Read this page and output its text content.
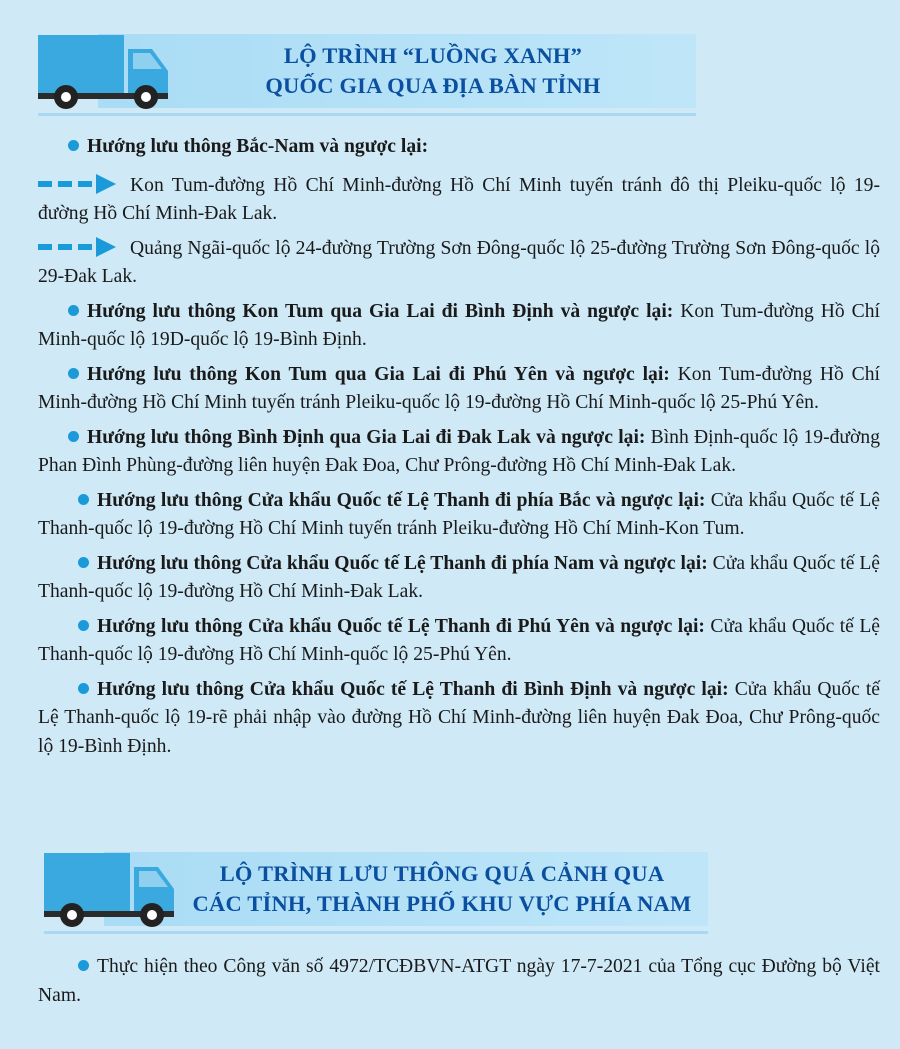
LỘ TRÌNH “LUỒNG XANH”
QUỐC GIA QUA ĐỊA BÀN TỈNH

Hướng lưu thông Bắc-Nam và ngược lại:

Kon Tum-đường Hồ Chí Minh-đường Hồ Chí Minh tuyến tránh đô thị Pleiku-quốc lộ 19-đường Hồ Chí Minh-Đak Lak.

Quảng Ngãi-quốc lộ 24-đường Trường Sơn Đông-quốc lộ 25-đường Trường Sơn Đông-quốc lộ 29-Đak Lak.

Hướng lưu thông Kon Tum qua Gia Lai đi Bình Định và ngược lại: Kon Tum-đường Hồ Chí Minh-quốc lộ 19D-quốc lộ 19-Bình Định.

Hướng lưu thông Kon Tum qua Gia Lai đi Phú Yên và ngược lại: Kon Tum-đường Hồ Chí Minh-đường Hồ Chí Minh tuyến tránh Pleiku-quốc lộ 19-đường Hồ Chí Minh-quốc lộ 25-Phú Yên.

Hướng lưu thông Bình Định qua Gia Lai đi Đak Lak và ngược lại: Bình Định-quốc lộ 19-đường Phan Đình Phùng-đường liên huyện Đak Đoa, Chư Prông-đường Hồ Chí Minh-Đak Lak.

Hướng lưu thông Cửa khẩu Quốc tế Lệ Thanh đi phía Bắc và ngược lại: Cửa khẩu Quốc tế Lệ Thanh-quốc lộ 19-đường Hồ Chí Minh tuyến tránh Pleiku-đường Hồ Chí Minh-Kon Tum.

Hướng lưu thông Cửa khẩu Quốc tế Lệ Thanh đi phía Nam và ngược lại: Cửa khẩu Quốc tế Lệ Thanh-quốc lộ 19-đường Hồ Chí Minh-Đak Lak.

Hướng lưu thông Cửa khẩu Quốc tế Lệ Thanh đi Phú Yên và ngược lại: Cửa khẩu Quốc tế Lệ Thanh-quốc lộ 19-đường Hồ Chí Minh-quốc lộ 25-Phú Yên.

Hướng lưu thông Cửa khẩu Quốc tế Lệ Thanh đi Bình Định và ngược lại: Cửa khẩu Quốc tế Lệ Thanh-quốc lộ 19-rẽ phải nhập vào đường Hồ Chí Minh-đường liên huyện Đak Đoa, Chư Prông-quốc lộ 19-Bình Định.

LỘ TRÌNH LƯU THÔNG QUÁ CẢNH QUA
CÁC TỈNH, THÀNH PHỐ KHU VỰC PHÍA NAM

Thực hiện theo Công văn số 4972/TCĐBVN-ATGT ngày 17-7-2021 của Tổng cục Đường bộ Việt Nam.
